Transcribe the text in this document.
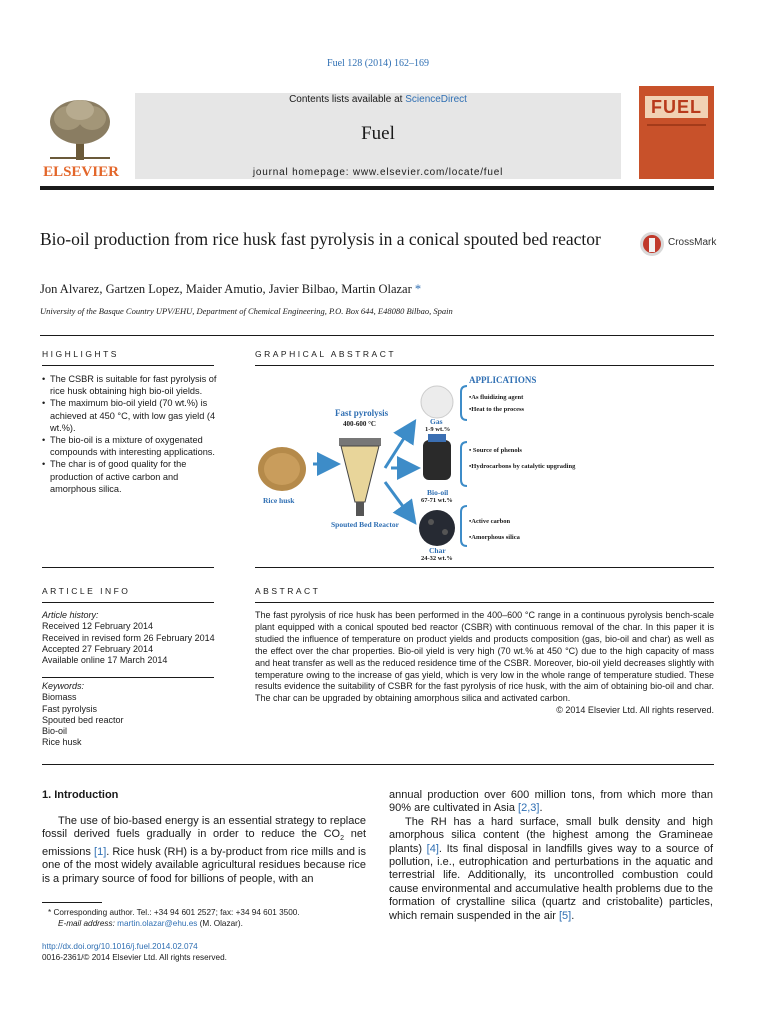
Fuel 128 (2014) 162–169
ELSEVIER
Contents lists available at ScienceDirect
Fuel
journal homepage: www.elsevier.com/locate/fuel
FUEL
Bio-oil production from rice husk fast pyrolysis in a conical spouted bed reactor	CrossMark
Jon Alvarez, Gartzen Lopez, Maider Amutio, Javier Bilbao, Martin Olazar *
University of the Basque Country UPV/EHU, Department of Chemical Engineering, P.O. Box 644, E48080 Bilbao, Spain
HIGHLIGHTS
• The CSBR is suitable for fast pyrolysis of rice husk obtaining high bio-oil yields.
• The maximum bio-oil yield (70 wt.%) is achieved at 450 °C, with low gas yield (4 wt.%).
• The bio-oil is a mixture of oxygenated compounds with interesting applications.
• The char is of good quality for the production of active carbon and amorphous silica.
GRAPHICAL ABSTRACT
APPLICATIONS
Fast pyrolysis
400-600 °C
Rice husk
Spouted Bed Reactor
Gas
1-9 wt.%
Bio-oil
67-71 wt.%
Char
24-32 wt.%
•As fluidizing agent
•Heat to the process
• Source of phenols
•Hydrocarbons by catalytic upgrading
•Active carbon
•Amorphous silica
ARTICLE INFO
Article history:
Received 12 February 2014
Received in revised form 26 February 2014
Accepted 27 February 2014
Available online 17 March 2014
Keywords:
Biomass
Fast pyrolysis
Spouted bed reactor
Bio-oil
Rice husk
ABSTRACT
The fast pyrolysis of rice husk has been performed in the 400–600 °C range in a continuous pyrolysis bench-scale plant equipped with a conical spouted bed reactor (CSBR) with continuous removal of the char. In this paper it is studied the influence of temperature on product yields and products composition (gas, bio-oil and char) as well as the effect over the char properties. Bio-oil yield is very high (70 wt.% at 450 °C) due to the high capacity of mass and heat transfer as well as the reduced residence time of the CSBR. Moreover, bio-oil yield decreases slightly with temperature owing to the increase of gas yield, which is very low in the whole range of temperature studied. These results evidence the suitability of CSBR for the fast pyrolysis of rice husk, with the aim of obtaining bio-oil and char. The char can be upgraded by obtaining amorphous silica and activated carbon.
© 2014 Elsevier Ltd. All rights reserved.
1. Introduction

The use of bio-based energy is an essential strategy to replace fossil derived fuels gradually in order to reduce the $CO_2$ net emissions [1]. Rice husk (RH) is a by-product from rice mills and is one of the most widely available agricultural residues because rice is a primary source of food for billions of people, with an

annual production over 600 million tons, from which more than 90% are cultivated in Asia [2,3].

The RH has a hard surface, small bulk density and high amorphous silica content (the highest among the Gramineae plants) [4]. Its final disposal in landfills gives way to a source of pollution, i.e., eutrophication and perturbations in the aquatic and terrestrial life. Additionally, its uncontrolled combustion could cause environmental and accumulative health problems due to the formation of crystalline silica (quartz and cristobalite) particles, which remain suspended in the air [5].

* Corresponding author. Tel.: +34 94 601 2527; fax: +34 94 601 3500.
E-mail address: martin.olazar@ehu.es (M. Olazar).
http://dx.doi.org/10.1016/j.fuel.2014.02.074
0016-2361/© 2014 Elsevier Ltd. All rights reserved.
